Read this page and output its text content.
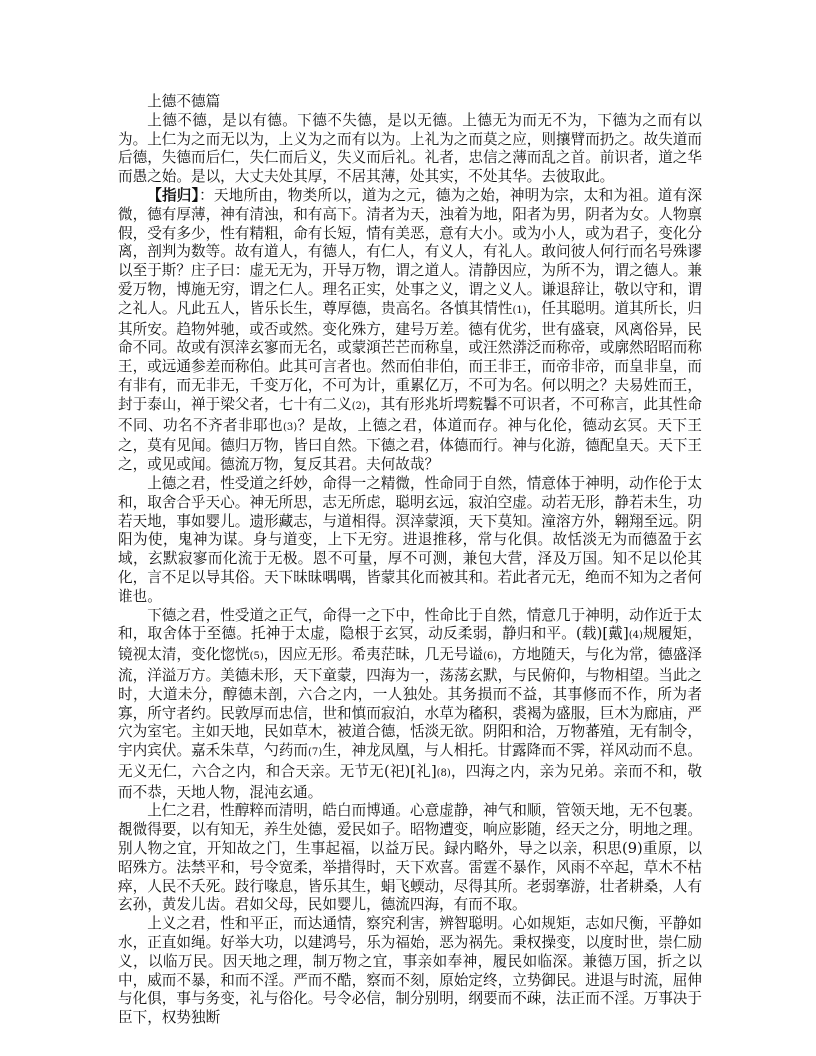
上德不德篇

上德不德，是以有德。下德不失德，是以无德。上德无为而无不为，下德为之而有以为。上仁为之而无以为，上义为之而有以为。上礼为之而莫之应，则攘臂而扔之。故失道而后德，失德而后仁，失仁而后义，失义而后礼。礼者，忠信之薄而乱之首。前识者，道之华而愚之始。是以，大丈夫处其厚，不居其薄，处其实，不处其华。去彼取此。

【指归】：天地所由，物类所以，道为之元，德为之始，神明为宗，太和为祖。道有深微，德有厚薄，神有清浊，和有高下。清者为天，浊着为地，阳者为男，阴者为女。人物禀假，受有多少，性有精粗，命有长短，情有美恶，意有大小。或为小人，或为君子，变化分离，剖判为数等。故有道人，有德人，有仁人，有义人，有礼人。敢问彼人何行而名号殊谬以至于斯？庄子曰：虚无无为，开导万物，谓之道人。清静因应，为所不为，谓之德人。兼爱万物，博施无穷，谓之仁人。理名正实，处事之义，谓之义人。谦退辞让，敬以守和，谓之礼人。凡此五人，皆乐长生，尊厚德，贵高名。各慎其情性(1)，任其聪明。道其所长，归其所安。趋物舛驰，或否或然。变化殊方，建号万差。德有优劣，世有盛衰，风离俗异，民命不同。故或有溟涬玄寥而无名，或蒙澒芒芒而称皇，或汪然漭泛而称帝，或廓然昭昭而称王，或远通参差而称伯。此其可言者也。然而伯非伯，而王非王，而帝非帝，而皇非皇，而有非有，而无非无，千变万化，不可为计，重累亿万，不可为名。何以明之？夫易姓而王，封于泰山，禅于梁父者，七十有二义(2)，其有形兆圻堮䴷鬊不可识者，不可称言，此其性命不同、功名不齐者非耶也(3)？是故，上德之君，体道而存。神与化伦，德动玄冥。天下王之，莫有见闻。德归万物，皆曰自然。下德之君，体德而行。神与化游，德配皇天。天下王之，或见或闻。德流万物，复反其君。夫何故哉？

上德之君，性受道之纤妙，命得一之精微，性命同于自然，情意体于神明，动作伦于太和，取舍合乎天心。神无所思，志无所虑，聪明玄远，寂泊空虚。动若无形，静若未生，功若天地，事如婴儿。遗形藏志，与道相得。溟涬蒙澒，天下莫知。潼溶方外，翱翔至远。阴阳为使，鬼神为谋。身与道变，上下无穷。进退推移，常与化俱。故恬淡无为而德盈于玄域，玄默寂寥而化流于无极。恩不可量，厚不可测，兼包大营，泽及万国。知不足以伦其化，言不足以导其俗。天下昧昧喁喁，皆蒙其化而被其和。若此者元无，绝而不知为之者何谁也。

下德之君，性受道之正气，命得一之下中，性命比于自然，情意几于神明，动作近于太和，取舍体于至德。托神于太虚，隐根于玄冥，动反柔弱，静归和平。(载)[戴](4)规履矩，镜视太清，变化惚恍(5)，因应无形。希夷茫昧，几无号谥(6)，方地随天，与化为常，德盛泽流，洋溢万方。美德未形，天下童蒙，四海为一，荡荡玄默，与民俯仰，与物相望。当此之时，大道未分，醇德未剖，六合之内，一人独处。其务损而不益，其事修而不作，所为者寡，所守者约。民敦厚而忠信，世和慎而寂泊，水草为稸积，裘褐为盛服，巨木为廊庙，严穴为室宅。主如天地，民如草木，被道合德，恬淡无欲。阴阳和洽，万物蕃殖，无有制令，宇内宾伏。嘉禾朱草，勺药而(7)生，神龙凤凰，与人相托。甘露降而不霁，祥风动而不息。无义无仁，六合之内，和合天亲。无节无(祀)[礼](8)，四海之内，亲为兄弟。亲而不和，敬而不恭，天地人物，混沌玄通。

上仁之君，性醇粹而清明，皓白而博通。心意虚静，神气和顺，管领天地，无不包裹。覩微得要，以有知无，养生处德，爱民如子。昭物遭变，响应影随，经天之分，明地之理。别人物之宜，开知故之门，生事起福，以益万民。録内略外，导之以亲，积思(9)重原，以昭殊方。法禁平和，号令宽柔，举措得时，天下欢喜。雷霆不暴作，风雨不卒起，草木不枯瘁，人民不夭死。跂行喙息，皆乐其生，蜎飞蝡动，尽得其所。老弱搴游，壮者耕桑，人有玄孙，黄发儿齿。君如父母，民如婴儿，德流四海，有而不取。

上义之君，性和平正，而达通情，察究利害，辨智聪明。心如规矩，志如尺衡，平静如水，正直如绳。好举大功，以建鸿号，乐为福始，恶为祸先。秉权操变，以度时世，崇仁励义，以临万民。因天地之理，制万物之宜，事亲如奉神，履民如临深。兼德万国，折之以中，威而不暴，和而不淫。严而不酷，察而不刻，原始定终，立势御民。进退与时流，屈伸与化俱，事与务变，礼与俗化。号令必信，制分别明，纲要而不疎，法正而不淫。万事决于臣下，权势独断
